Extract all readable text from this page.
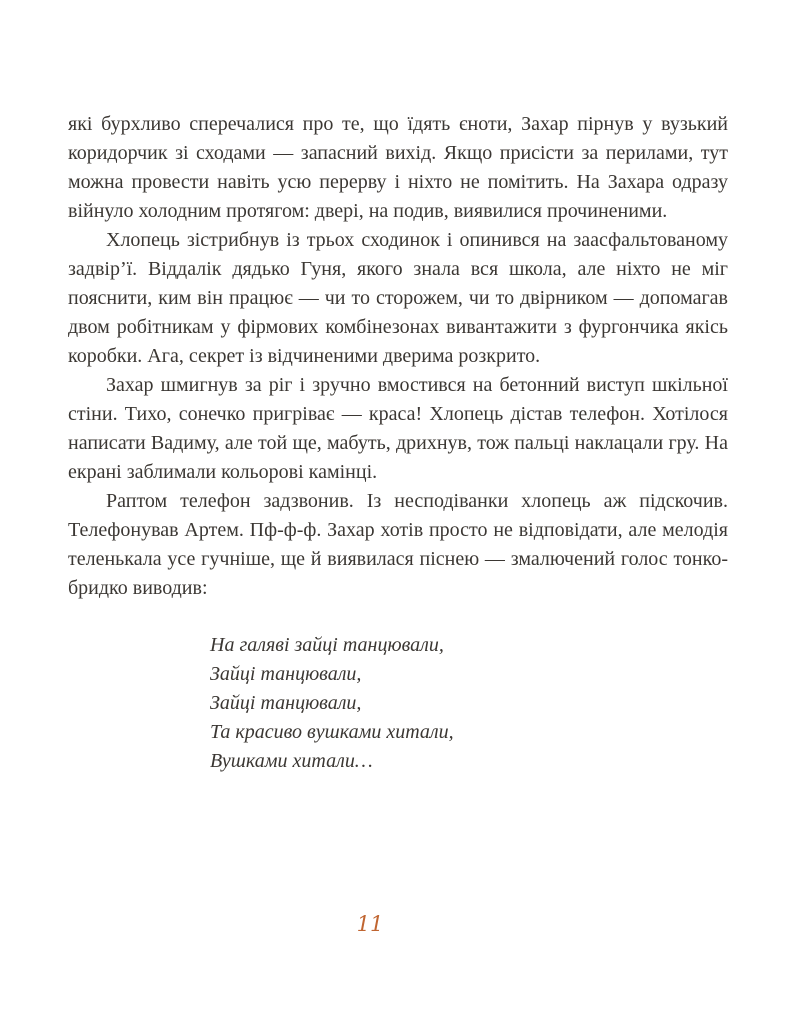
які бурхливо сперечалися про те, що їдять єноти, Захар пірнув у вузький коридорчик зі сходами — запасний вихід. Якщо присісти за перилами, тут можна провести навіть усю перерву і ніхто не помітить. На Захара одразу війнуло холодним протягом: двері, на подив, виявилися прочиненими.

Хлопець зістрибнув із трьох сходинок і опинився на заасфальтованому задвір’ї. Віддалік дядько Гуня, якого знала вся школа, але ніхто не міг пояснити, ким він працює — чи то сторожем, чи то двірником — допомагав двом робітникам у фірмових комбінезонах вивантажити з фургончика якісь коробки. Ага, секрет із відчиненими дверима розкрито.

Захар шмигнув за ріг і зручно вмостився на бетонний виступ шкільної стіни. Тихо, сонечко пригріває — краса! Хлопець дістав телефон. Хотілося написати Вадиму, але той ще, мабуть, дрихнув, тож пальці наклацали гру. На екрані заблимали кольорові камінці.

Раптом телефон задзвонив. Із несподіванки хлопець аж підскочив. Телефонував Артем. Пф-ф-ф. Захар хотів просто не відповідати, але мелодія теленькала усе гучніше, ще й виявилася піснею — змалючений голос тонко-бридко виводив:

На галяві зайці танцювали,
Зайці танцювали,
Зайці танцювали,
Та красиво вушками хитали,
Вушками хитали…
11
